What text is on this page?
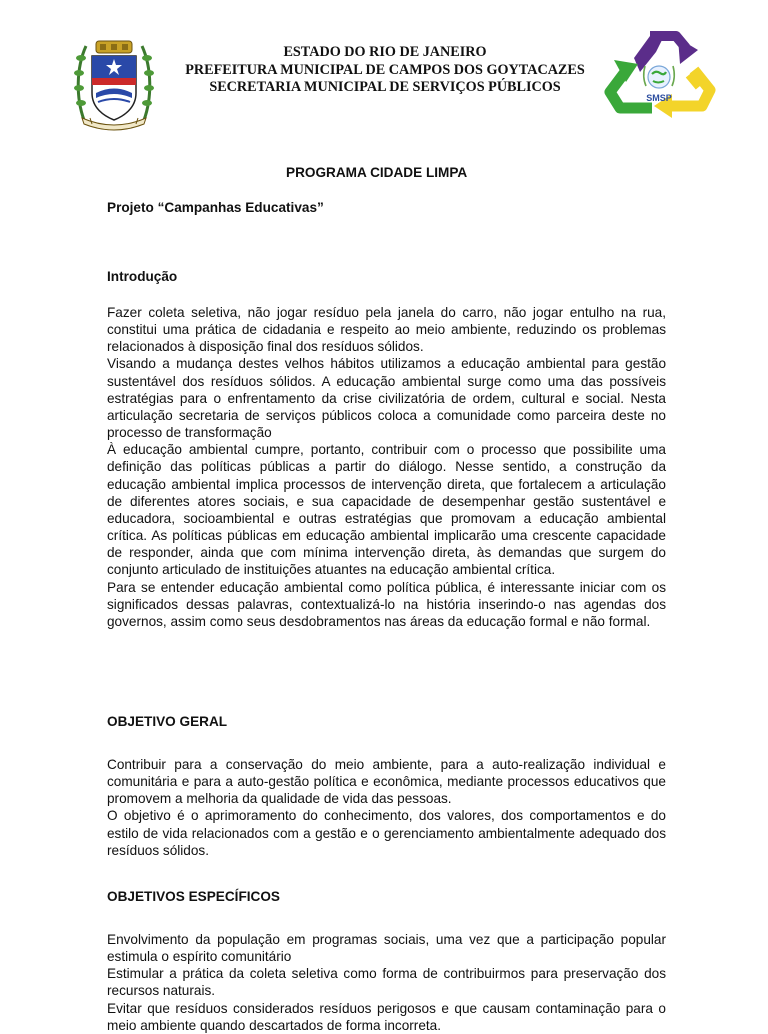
ESTADO DO RIO DE JANEIRO
PREFEITURA MUNICIPAL DE CAMPOS DOS GOYTACAZES
SECRETARIA MUNICIPAL DE SERVIÇOS PÚBLICOS
SMSP
PROGRAMA CIDADE LIMPA
Projeto “Campanhas Educativas”
Introdução

Fazer coleta seletiva, não jogar resíduo pela janela do carro, não jogar entulho na rua, constitui uma prática de cidadania e respeito ao meio ambiente, reduzindo os problemas relacionados à disposição final dos resíduos sólidos.

Visando a mudança destes velhos hábitos utilizamos a educação ambiental para gestão sustentável dos resíduos sólidos. A educação ambiental surge como uma das possíveis estratégias para o enfrentamento da crise civilizatória de ordem, cultural e social. Nesta articulação secretaria de serviços públicos coloca a comunidade como parceira deste no processo de transformação

À educação ambiental cumpre, portanto, contribuir com o processo que possibilite uma definição das políticas públicas a partir do diálogo. Nesse sentido, a construção da educação ambiental implica processos de intervenção direta, que fortalecem a articulação de diferentes atores sociais, e sua capacidade de desempenhar gestão sustentável e educadora, socioambiental e outras estratégias que promovam a educação ambiental crítica. As políticas públicas em educação ambiental implicarão uma crescente capacidade de responder, ainda que com mínima intervenção direta, às demandas que surgem do conjunto articulado de instituições atuantes na educação ambiental crítica.

Para se entender educação ambiental como política pública, é interessante iniciar com os significados dessas palavras, contextualizá-lo na história inserindo-o nas agendas dos governos, assim como seus desdobramentos nas áreas da educação formal e não formal.

OBJETIVO GERAL

Contribuir para a conservação do meio ambiente, para a auto-realização individual e comunitária e para a auto-gestão política e econômica, mediante processos educativos que promovem a melhoria da qualidade de vida das pessoas.

O objetivo é o aprimoramento do conhecimento, dos valores, dos comportamentos e do estilo de vida relacionados com a gestão e o gerenciamento ambientalmente adequado dos resíduos sólidos.

OBJETIVOS ESPECÍFICOS

Envolvimento da população em programas sociais, uma vez que a participação popular estimula o espírito comunitário

Estimular a prática da coleta seletiva como forma de contribuirmos para preservação dos recursos naturais.

Evitar que resíduos considerados resíduos perigosos e que causam contaminação para o meio ambiente quando descartados de forma incorreta.
